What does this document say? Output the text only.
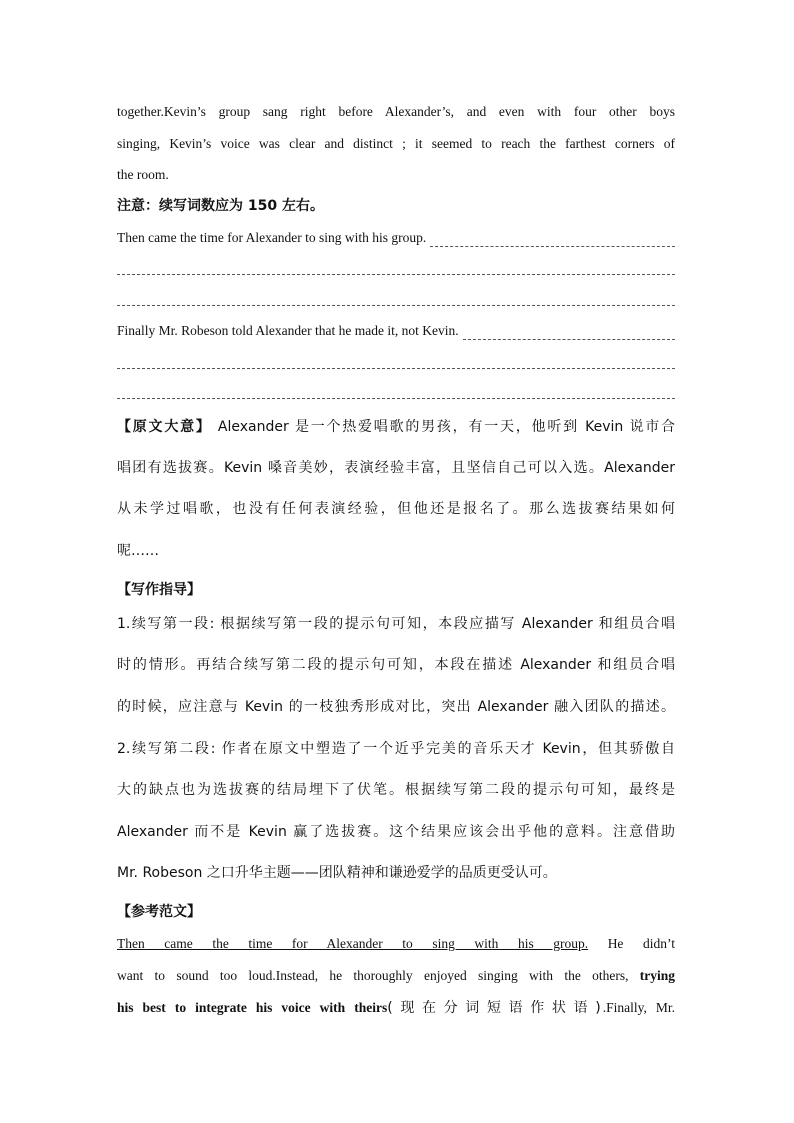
together.Kevin’s group sang right before Alexander’s, and even with four other boys
singing, Kevin’s voice was clear and distinct ; it seemed to reach the farthest corners of
the room.
注意：续写词数应为 150 左右。
Then came the time for Alexander to sing with his group.
Finally Mr. Robeson told Alexander that he made it, not Kevin.
【原文大意】 Alexander 是一个热爱唱歌的男孩，有一天，他听到 Kevin 说市合
唱团有选拔赛。Kevin 嗓音美妙，表演经验丰富，且坚信自己可以入选。Alexander
从未学过唱歌，也没有任何表演经验，但他还是报名了。那么选拔赛结果如何
呢……
【写作指导】
1.续写第一段: 根据续写第一段的提示句可知，本段应描写 Alexander 和组员合唱
时的情形。再结合续写第二段的提示句可知，本段在描述 Alexander 和组员合唱
的时候，应注意与 Kevin 的一枝独秀形成对比，突出 Alexander 融入团队的描述。
2.续写第二段: 作者在原文中塑造了一个近乎完美的音乐天才 Kevin，但其骄傲自
大的缺点也为选拔赛的结局埋下了伏笔。根据续写第二段的提示句可知，最终是
Alexander 而不是 Kevin 赢了选拔赛。这个结果应该会出乎他的意料。注意借助
Mr. Robeson 之口升华主题——团队精神和谦逊爱学的品质更受认可。
【参考范文】
Then came the time for Alexander to sing with his group. He didn’t
want to sound too loud.Instead, he thoroughly enjoyed singing with the others, trying
his best to integrate his voice with theirs(现在分词短语作状语).Finally, Mr.
